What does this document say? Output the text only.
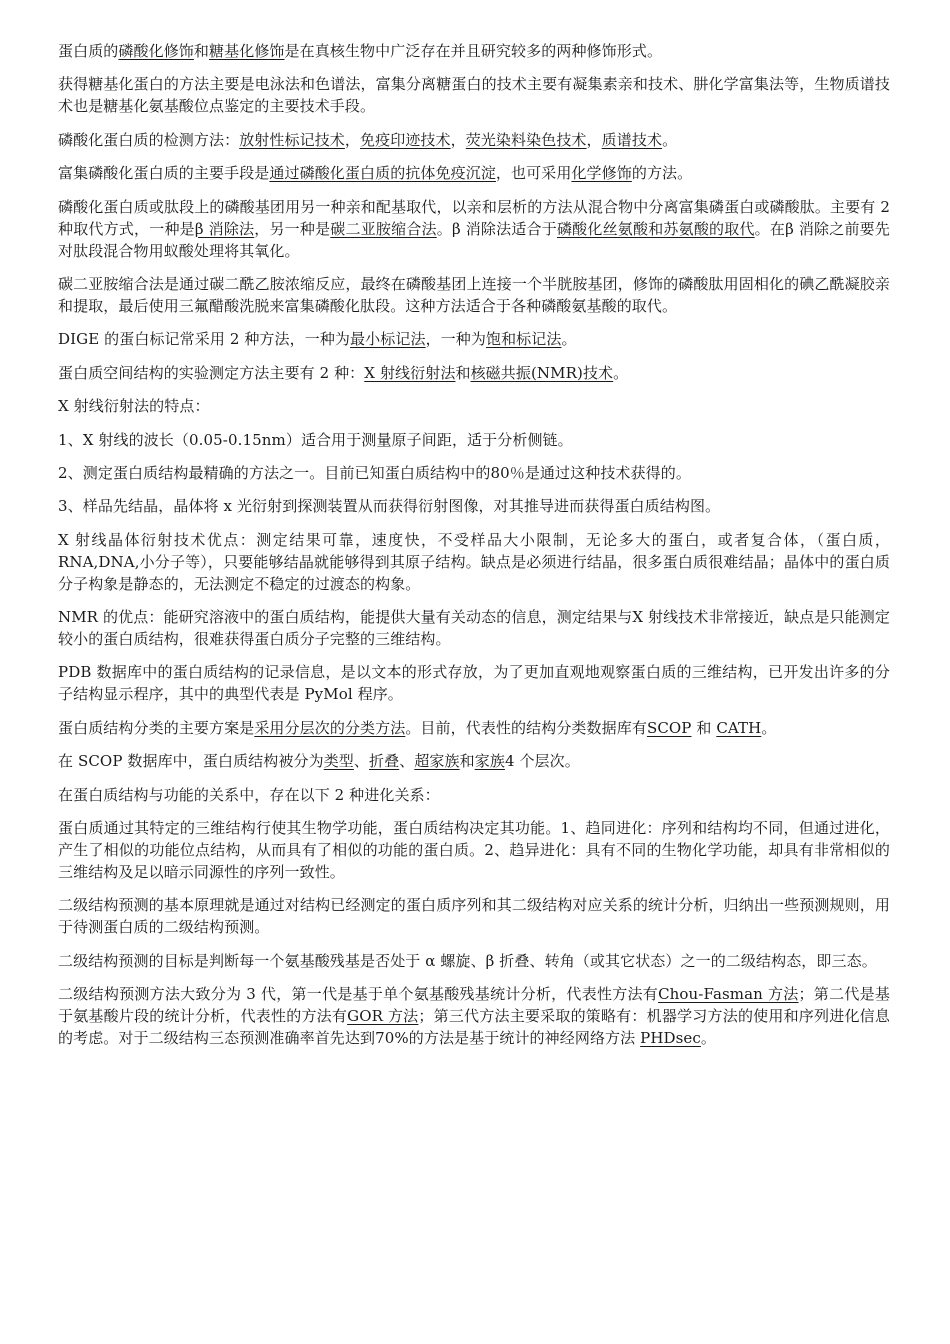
蛋白质的磷酸化修饰和糖基化修饰是在真核生物中广泛存在并且研究较多的两种修饰形式。

获得糖基化蛋白的方法主要是电泳法和色谱法，富集分离糖蛋白的技术主要有凝集素亲和技术、肼化学富集法等，生物质谱技术也是糖基化氨基酸位点鉴定的主要技术手段。

磷酸化蛋白质的检测方法：放射性标记技术，免疫印迹技术，荧光染料染色技术，质谱技术。

富集磷酸化蛋白质的主要手段是通过磷酸化蛋白质的抗体免疫沉淀，也可采用化学修饰的方法。

磷酸化蛋白质或肽段上的磷酸基团用另一种亲和配基取代，以亲和层析的方法从混合物中分离富集磷蛋白或磷酸肽。主要有 2 种取代方式，一种是β 消除法，另一种是碳二亚胺缩合法。β 消除法适合于磷酸化丝氨酸和苏氨酸的取代。在β 消除之前要先对肽段混合物用蚁酸处理将其氧化。

碳二亚胺缩合法是通过碳二酰乙胺浓缩反应，最终在磷酸基团上连接一个半胱胺基团，修饰的磷酸肽用固相化的碘乙酰凝胶亲和提取，最后使用三氟醋酸洗脱来富集磷酸化肽段。这种方法适合于各种磷酸氨基酸的取代。

DIGE 的蛋白标记常采用 2 种方法，一种为最小标记法，一种为饱和标记法。

蛋白质空间结构的实验测定方法主要有 2 种：X 射线衍射法和核磁共振(NMR)技术。

X 射线衍射法的特点：

1、X 射线的波长（0.05-0.15nm）适合用于测量原子间距，适于分析侧链。

2、测定蛋白质结构最精确的方法之一。目前已知蛋白质结构中的80％是通过这种技术获得的。

3、样品先结晶，晶体将 x 光衍射到探测装置从而获得衍射图像，对其推导进而获得蛋白质结构图。

X 射线晶体衍射技术优点：测定结果可靠，速度快，不受样品大小限制，无论多大的蛋白，或者复合体，（蛋白质，RNA,DNA,小分子等），只要能够结晶就能够得到其原子结构。缺点是必须进行结晶，很多蛋白质很难结晶；晶体中的蛋白质分子构象是静态的，无法测定不稳定的过渡态的构象。

NMR 的优点：能研究溶液中的蛋白质结构，能提供大量有关动态的信息，测定结果与X 射线技术非常接近，缺点是只能测定较小的蛋白质结构，很难获得蛋白质分子完整的三维结构。

PDB 数据库中的蛋白质结构的记录信息，是以文本的形式存放，为了更加直观地观察蛋白质的三维结构，已开发出许多的分子结构显示程序，其中的典型代表是 PyMol 程序。

蛋白质结构分类的主要方案是采用分层次的分类方法。目前，代表性的结构分类数据库有SCOP 和 CATH。

在 SCOP 数据库中，蛋白质结构被分为类型、折叠、超家族和家族4 个层次。

在蛋白质结构与功能的关系中，存在以下 2 种进化关系：

蛋白质通过其特定的三维结构行使其生物学功能，蛋白质结构决定其功能。1、趋同进化：序列和结构均不同，但通过进化，产生了相似的功能位点结构，从而具有了相似的功能的蛋白质。2、趋异进化：具有不同的生物化学功能，却具有非常相似的三维结构及足以暗示同源性的序列一致性。

二级结构预测的基本原理就是通过对结构已经测定的蛋白质序列和其二级结构对应关系的统计分析，归纳出一些预测规则，用于待测蛋白质的二级结构预测。

二级结构预测的目标是判断每一个氨基酸残基是否处于 α 螺旋、β 折叠、转角（或其它状态）之一的二级结构态，即三态。

二级结构预测方法大致分为 3 代，第一代是基于单个氨基酸残基统计分析，代表性方法有Chou-Fasman 方法；第二代是基于氨基酸片段的统计分析，代表性的方法有GOR 方法；第三代方法主要采取的策略有：机器学习方法的使用和序列进化信息的考虑。对于二级结构三态预测准确率首先达到70%的方法是基于统计的神经网络方法 PHDsec。
